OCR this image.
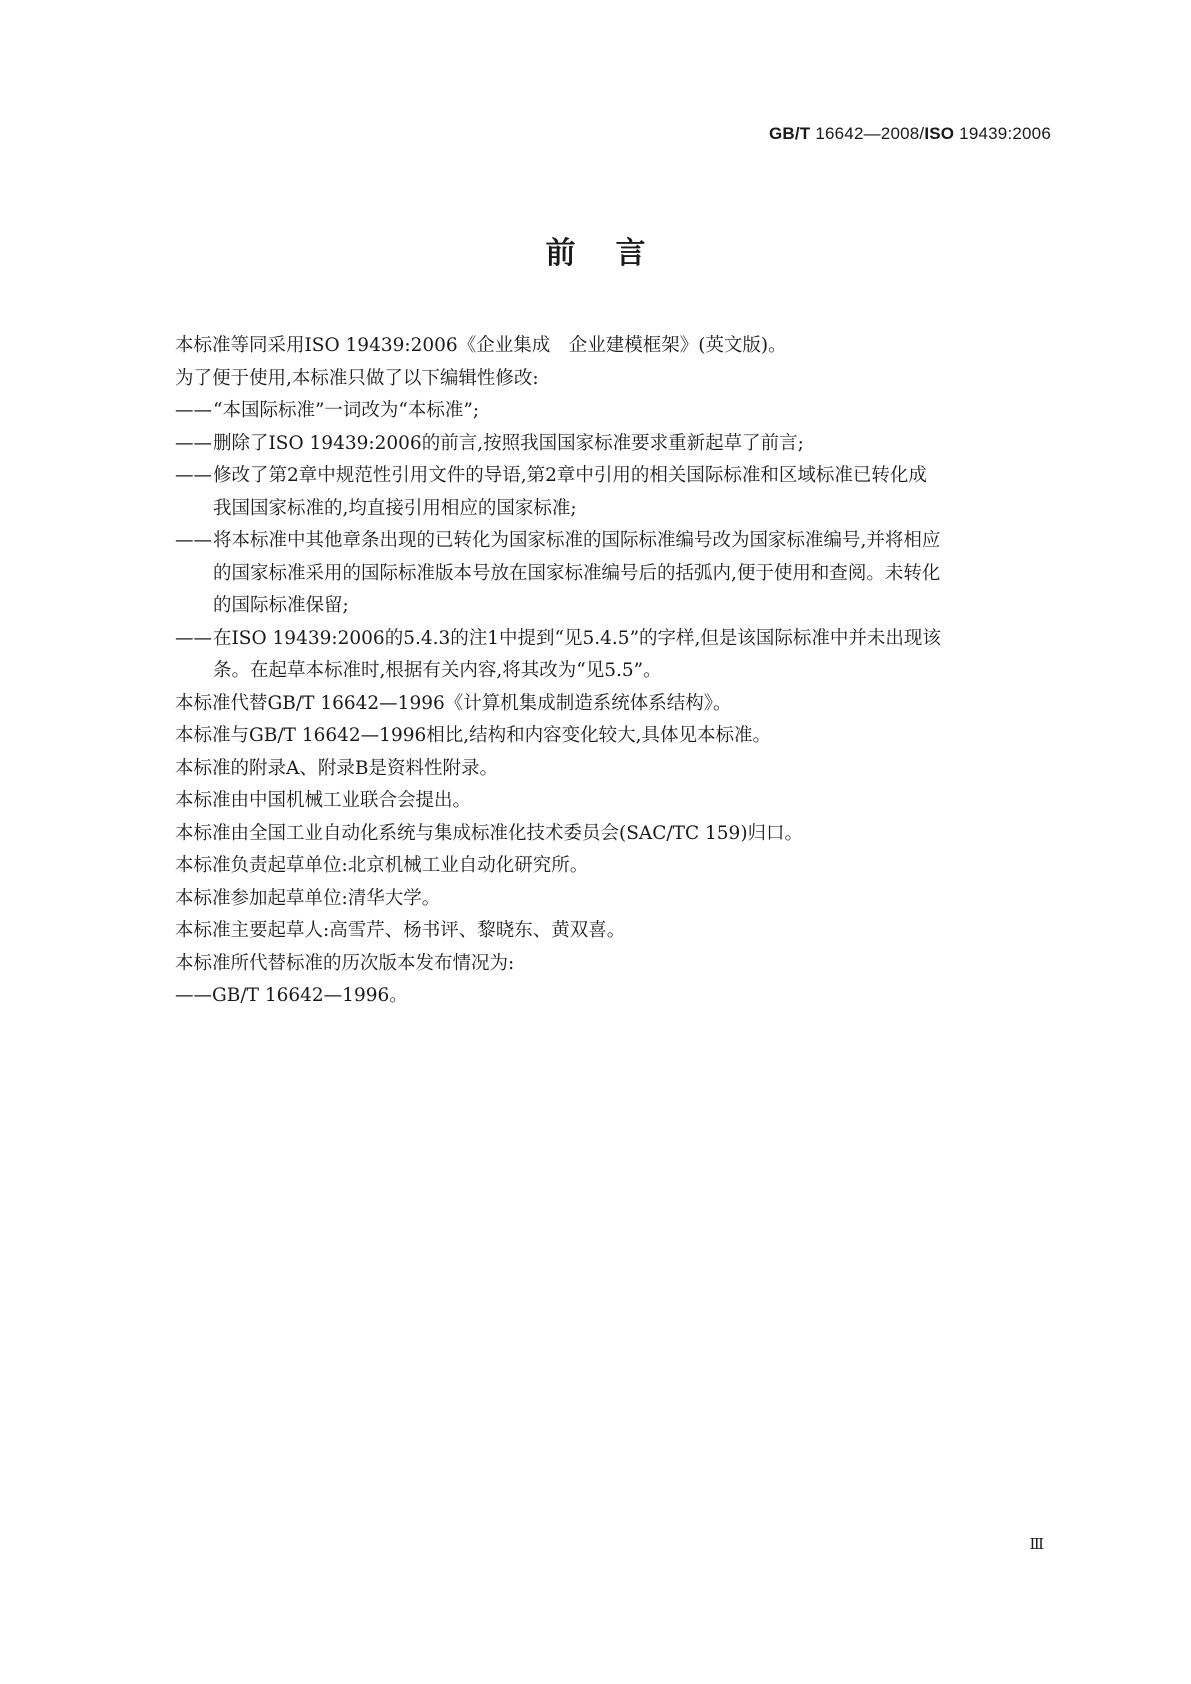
GB/T 16642—2008/ISO 19439:2006
前言
本标准等同采用ISO 19439:2006《企业集成　企业建模框架》(英文版)。
为了便于使用,本标准只做了以下编辑性修改:
—— “本国际标准”一词改为“本标准”;
—— 删除了ISO 19439:2006的前言,按照我国国家标准要求重新起草了前言;
—— 修改了第2章中规范性引用文件的导语,第2章中引用的相关国际标准和区域标准已转化成
我国国家标准的,均直接引用相应的国家标准;
—— 将本标准中其他章条出现的已转化为国家标准的国际标准编号改为国家标准编号,并将相应
的国家标准采用的国际标准版本号放在国家标准编号后的括弧内,便于使用和查阅。未转化
的国际标准保留;
—— 在ISO 19439:2006的5.4.3的注1中提到“见5.4.5”的字样,但是该国际标准中并未出现该
条。在起草本标准时,根据有关内容,将其改为“见5.5”。
本标准代替GB/T 16642—1996《计算机集成制造系统体系结构》。
本标准与GB/T 16642—1996相比,结构和内容变化较大,具体见本标准。
本标准的附录A、附录B是资料性附录。
本标准由中国机械工业联合会提出。
本标准由全国工业自动化系统与集成标准化技术委员会(SAC/TC 159)归口。
本标准负责起草单位:北京机械工业自动化研究所。
本标准参加起草单位:清华大学。
本标准主要起草人:高雪芹、杨书评、黎晓东、黄双喜。
本标准所代替标准的历次版本发布情况为:
——GB/T 16642—1996。
Ⅲ
